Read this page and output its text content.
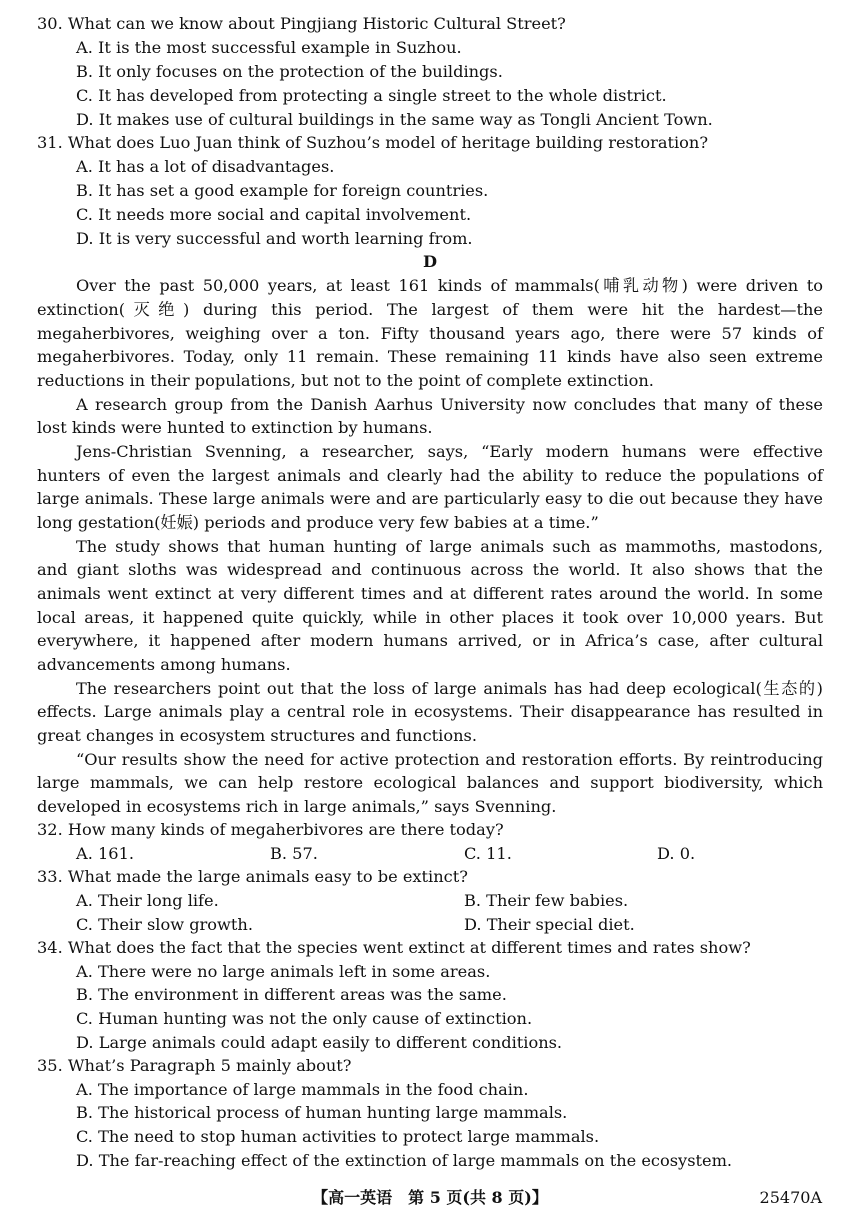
30. What can we know about Pingjiang Historic Cultural Street?
A. It is the most successful example in Suzhou.
B. It only focuses on the protection of the buildings.
C. It has developed from protecting a single street to the whole district.
D. It makes use of cultural buildings in the same way as Tongli Ancient Town.
31. What does Luo Juan think of Suzhou’s model of heritage building restoration?
A. It has a lot of disadvantages.
B. It has set a good example for foreign countries.
C. It needs more social and capital involvement.
D. It is very successful and worth learning from.
D
Over the past 50,000 years, at least 161 kinds of mammals(哺乳动物) were driven to
extinction(灭绝) during this period. The largest of them were hit the hardest—the
megaherbivores, weighing over a ton. Fifty thousand years ago, there were 57 kinds of
megaherbivores. Today, only 11 remain. These remaining 11 kinds have also seen extreme
reductions in their populations, but not to the point of complete extinction.
A research group from the Danish Aarhus University now concludes that many of these
lost kinds were hunted to extinction by humans.
Jens-Christian Svenning, a researcher, says, “Early modern humans were effective
hunters of even the largest animals and clearly had the ability to reduce the populations of
large animals. These large animals were and are particularly easy to die out because they have
long gestation(妊娠) periods and produce very few babies at a time.”
The study shows that human hunting of large animals such as mammoths, mastodons,
and giant sloths was widespread and continuous across the world. It also shows that the
animals went extinct at very different times and at different rates around the world. In some
local areas, it happened quite quickly, while in other places it took over 10,000 years. But
everywhere, it happened after modern humans arrived, or in Africa’s case, after cultural
advancements among humans.
The researchers point out that the loss of large animals has had deep ecological(生态的)
effects. Large animals play a central role in ecosystems. Their disappearance has resulted in
great changes in ecosystem structures and functions.
“Our results show the need for active protection and restoration efforts. By reintroducing
large mammals, we can help restore ecological balances and support biodiversity, which
developed in ecosystems rich in large animals,” says Svenning.
32. How many kinds of megaherbivores are there today?
A. 161.	B. 57.	C. 11.	D. 0.
33. What made the large animals easy to be extinct?
A. Their long life.	B. Their few babies.
C. Their slow growth.	D. Their special diet.
34. What does the fact that the species went extinct at different times and rates show?
A. There were no large animals left in some areas.
B. The environment in different areas was the same.
C. Human hunting was not the only cause of extinction.
D. Large animals could adapt easily to different conditions.
35. What’s Paragraph 5 mainly about?
A. The importance of large mammals in the food chain.
B. The historical process of human hunting large mammals.
C. The need to stop human activities to protect large mammals.
D. The far-reaching effect of the extinction of large mammals on the ecosystem.
【高一英语　第 5 页(共 8 页)】	25470A
